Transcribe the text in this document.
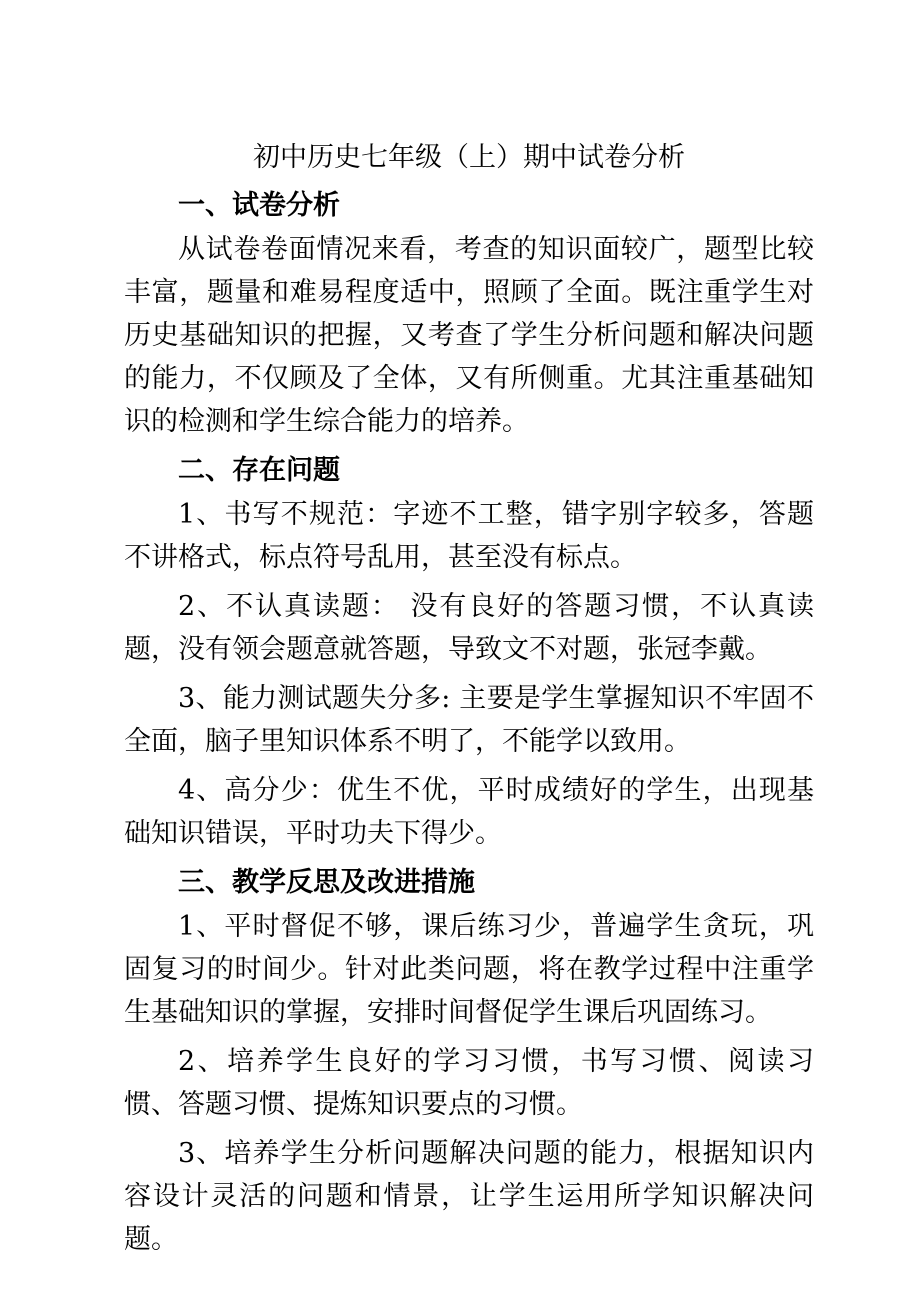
初中历史七年级（上）期中试卷分析
一、试卷分析

从试卷卷面情况来看，考查的知识面较广，题型比较丰富，题量和难易程度适中，照顾了全面。既注重学生对历史基础知识的把握，又考查了学生分析问题和解决问题的能力，不仅顾及了全体，又有所侧重。尤其注重基础知识的检测和学生综合能力的培养。

二、存在问题

1、书写不规范：字迹不工整，错字别字较多，答题不讲格式，标点符号乱用，甚至没有标点。

2、不认真读题： 没有良好的答题习惯，不认真读题，没有领会题意就答题，导致文不对题，张冠李戴。

3、能力测试题失分多: 主要是学生掌握知识不牢固不全面，脑子里知识体系不明了，不能学以致用。

4、高分少：优生不优，平时成绩好的学生，出现基础知识错误，平时功夫下得少。

三、教学反思及改进措施

1、平时督促不够，课后练习少，普遍学生贪玩，巩固复习的时间少。针对此类问题，将在教学过程中注重学生基础知识的掌握，安排时间督促学生课后巩固练习。

2、培养学生良好的学习习惯，书写习惯、阅读习惯、答题习惯、提炼知识要点的习惯。

3、培养学生分析问题解决问题的能力，根据知识内容设计灵活的问题和情景，让学生运用所学知识解决问题。
